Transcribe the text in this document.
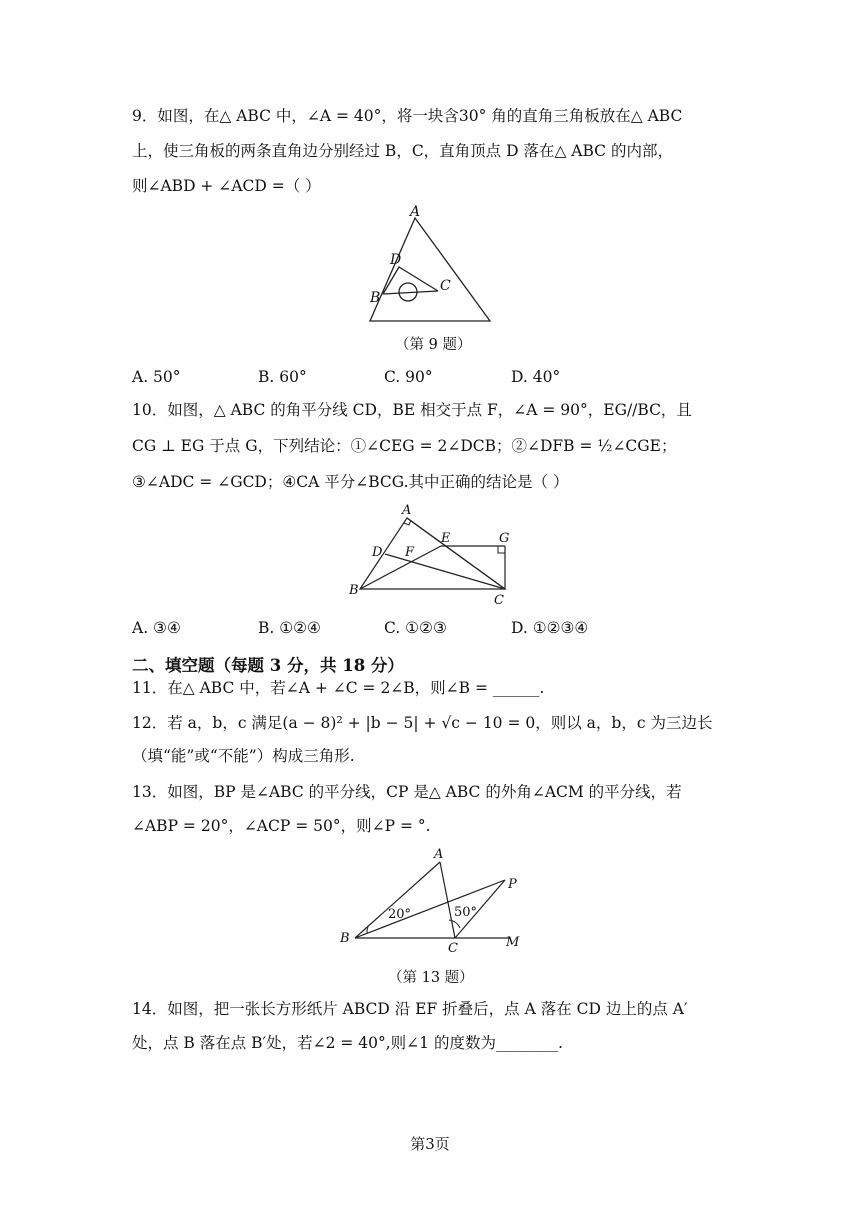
9．如图，在△ ABC 中，∠A = 40°，将一块含30° 角的直角三角板放在△ ABC
上，使三角板的两条直角边分别经过 B，C，直角顶点 D 落在△ ABC 的内部，
则∠ABD + ∠ACD =（ ）
A
D
C
B
（第 9 题）
A. 50°	B. 60°	C. 90°	D. 40°
10．如图，△ ABC 的角平分线 CD，BE 相交于点 F，∠A = 90°，EG//BC，且
CG ⊥ EG 于点 G，下列结论：①∠CEG = 2∠DCB；②∠DFB = ½∠CGE；
③∠ADC = ∠GCD；④CA 平分∠BCG.其中正确的结论是（ ）
A
E	G
D F
B
C
A. ③④	B. ①②④	C. ①②③	D. ①②③④
二、填空题（每题 3 分，共 18 分）
11．在△ ABC 中，若∠A + ∠C = 2∠B，则∠B = ______.
12．若 a，b，c 满足(a − 8)² + |b − 5| + √c − 10 = 0，则以 a，b，c 为三边长
（填“能”或“不能”）构成三角形.
13．如图，BP 是∠ABC 的平分线，CP 是△ ABC 的外角∠ACM 的平分线，若
∠ABP = 20°，∠ACP = 50°，则∠P = °.
A
P
20°	50°
B
C	M
（第 13 题）
14．如图，把一张长方形纸片 ABCD 沿 EF 折叠后，点 A 落在 CD 边上的点 A′
处，点 B 落在点 B′处，若∠2 = 40°,则∠1 的度数为________.
第3页
